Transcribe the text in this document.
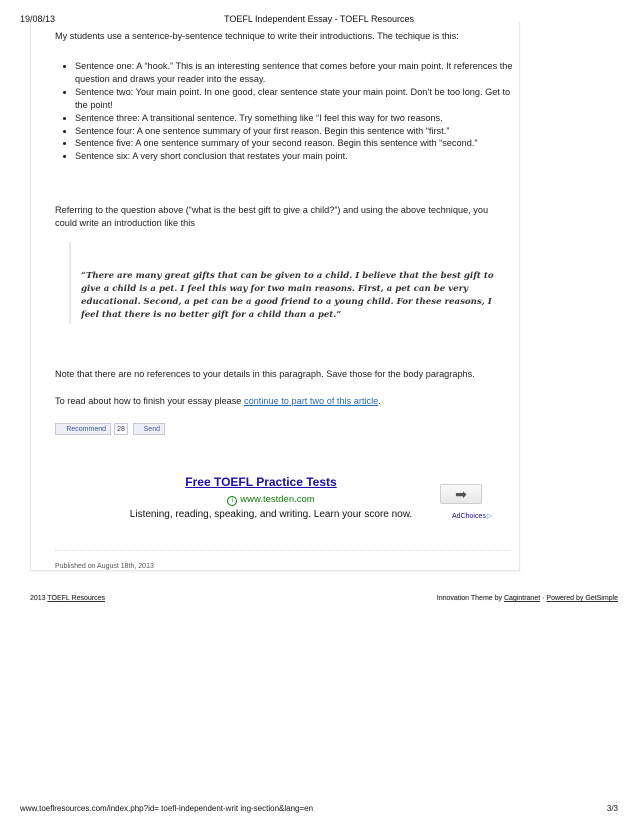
19/08/13	TOEFL Independent Essay - TOEFL Resources
My students use a sentence-by-sentence technique to write their introductions. The techique is this:
• Sentence one: A “hook.” This is an interesting sentence that comes before your main point. It references the question and draws your reader into the essay.
• Sentence two: Your main point. In one good, clear sentence state your main point. Don’t be too long. Get to the point!
• Sentence three: A transitional sentence. Try something like “I feel this way for two reasons.
• Sentence four: A one sentence summary of your first reason. Begin this sentence with “first.”
• Sentence five: A one sentence summary of your second reason. Begin this sentence with “second.”
• Sentence six: A very short conclusion that restates your main point.
Referring to the question above (“what is the best gift to give a child?”) and using the above technique, you could write an introduction like this

“There are many great gifts that can be given to a child. I believe that the best gift to give a child is a pet. I feel this way for two main reasons. First, a pet can be very educational. Second, a pet can be a good friend to a young child. For these reasons, I feel that there is no better gift for a child than a pet.”

Note that there are no references to your details in this paragraph. Save those for the body paragraphs.
To read about how to finish your essay please continue to part two of this article.
Recommend	28	Send
Free TOEFL Practice Tests
i www.testden.com
Listening, reading, speaking, and writing. Learn your score now.
➡
AdChoices▷
Published on August 18th, 2013
2013 TOEFL Resources	Innovation Theme by Cagintranet · Powered by GetSimple
www.toeflresources.com/index.php?id= toefl-independent-writ ing-section&lang=en	3/3
